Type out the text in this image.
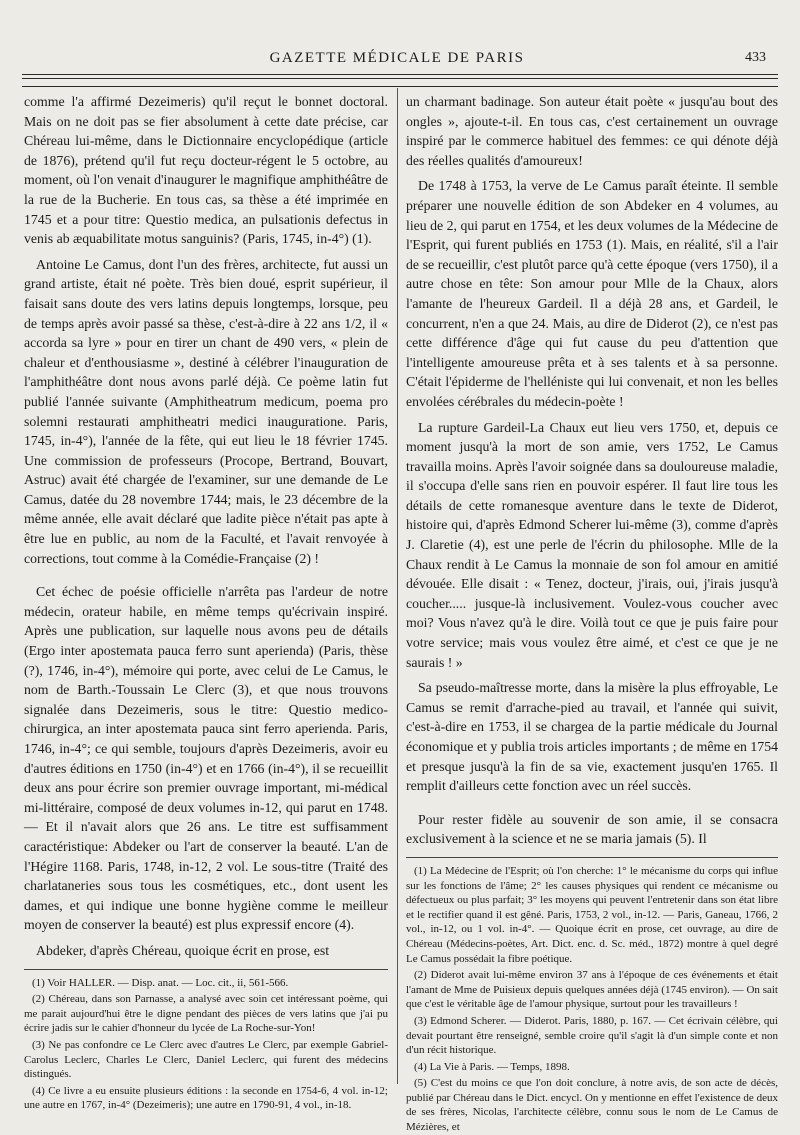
GAZETTE MÉDICALE DE PARIS	433

comme l'a affirmé Dezeimeris) qu'il reçut le bonnet doctoral. Mais on ne doit pas se fier absolument à cette date précise, car Chéreau lui-même, dans le Dictionnaire encyclopédique (article de 1876), prétend qu'il fut reçu docteur-régent le 5 octobre, au moment, où l'on venait d'inaugurer le magnifique amphithéâtre de la rue de la Bucherie. En tous cas, sa thèse a été imprimée en 1745 et a pour titre: Questio medica, an pulsationis defectus in venis ab æquabilitate motus sanguinis? (Paris, 1745, in-4°) (1).

Antoine Le Camus, dont l'un des frères, architecte, fut aussi un grand artiste, était né poète. Très bien doué, esprit supérieur, il faisait sans doute des vers latins depuis longtemps, lorsque, peu de temps après avoir passé sa thèse, c'est-à-dire à 22 ans 1/2, il « accorda sa lyre » pour en tirer un chant de 490 vers, « plein de chaleur et d'enthousiasme », destiné à célébrer l'inauguration de l'amphithéâtre dont nous avons parlé déjà. Ce poème latin fut publié l'année suivante (Amphitheatrum medicum, poema pro solemni restaurati amphitheatri medici inauguratione. Paris, 1745, in-4°), l'année de la fête, qui eut lieu le 18 février 1745. Une commission de professeurs (Procope, Bertrand, Bouvart, Astruc) avait été chargée de l'examiner, sur une demande de Le Camus, datée du 28 novembre 1744; mais, le 23 décembre de la même année, elle avait déclaré que ladite pièce n'était pas apte à être lue en public, au nom de la Faculté, et l'avait renvoyée à corrections, tout comme à la Comédie-Française (2) !

Cet échec de poésie officielle n'arrêta pas l'ardeur de notre médecin, orateur habile, en même temps qu'écrivain inspiré. Après une publication, sur laquelle nous avons peu de détails (Ergo inter apostemata pauca ferro sunt aperienda) (Paris, thèse (?), 1746, in-4°), mémoire qui porte, avec celui de Le Camus, le nom de Barth.-Toussain Le Clerc (3), et que nous trouvons signalée dans Dezeimeris, sous le titre: Questio medico-chirurgica, an inter apostemata pauca sint ferro aperienda. Paris, 1746, in-4°; ce qui semble, toujours d'après Dezeimeris, avoir eu d'autres éditions en 1750 (in-4°) et en 1766 (in-4°), il se recueillit deux ans pour écrire son premier ouvrage important, mi-médical mi-littéraire, composé de deux volumes in-12, qui parut en 1748. — Et il n'avait alors que 26 ans. Le titre est suffisamment caractéristique: Abdeker ou l'art de conserver la beauté. L'an de l'Hégire 1168. Paris, 1748, in-12, 2 vol. Le sous-titre (Traité des charlataneries sous tous les cosmétiques, etc., dont usent les dames, et qui indique une bonne hygiène comme le meilleur moyen de conserver la beauté) est plus expressif encore (4).

Abdeker, d'après Chéreau, quoique écrit en prose, est

(1) Voir HALLER. — Disp. anat. — Loc. cit., ii, 561-566.

(2) Chéreau, dans son Parnasse, a analysé avec soin cet intéressant poème, qui me parait aujourd'hui être le digne pendant des pièces de vers latins que j'ai pu écrire jadis sur le cahier d'honneur du lycée de La Roche-sur-Yon!

(3) Ne pas confondre ce Le Clerc avec d'autres Le Clerc, par exemple Gabriel-Carolus Leclerc, Charles Le Clerc, Daniel Leclerc, qui furent des médecins distingués.

(4) Ce livre a eu ensuite plusieurs éditions : la seconde en 1754-6, 4 vol. in-12; une autre en 1767, in-4° (Dezeimeris); une autre en 1790-91, 4 vol., in-18.

un charmant badinage. Son auteur était poète « jusqu'au bout des ongles », ajoute-t-il. En tous cas, c'est certainement un ouvrage inspiré par le commerce habituel des femmes: ce qui dénote déjà des réelles qualités d'amoureux!

De 1748 à 1753, la verve de Le Camus paraît éteinte. Il semble préparer une nouvelle édition de son Abdeker en 4 volumes, au lieu de 2, qui parut en 1754, et les deux volumes de la Médecine de l'Esprit, qui furent publiés en 1753 (1). Mais, en réalité, s'il a l'air de se recueillir, c'est plutôt parce qu'à cette époque (vers 1750), il a autre chose en tête: Son amour pour Mlle de la Chaux, alors l'amante de l'heureux Gardeil. Il a déjà 28 ans, et Gardeil, le concurrent, n'en a que 24. Mais, au dire de Diderot (2), ce n'est pas cette différence d'âge qui fut cause du peu d'attention que l'intelligente amoureuse prêta et à ses talents et à sa personne. C'était l'épiderme de l'helléniste qui lui convenait, et non les belles envolées cérébrales du médecin-poète !

La rupture Gardeil-La Chaux eut lieu vers 1750, et, depuis ce moment jusqu'à la mort de son amie, vers 1752, Le Camus travailla moins. Après l'avoir soignée dans sa douloureuse maladie, il s'occupa d'elle sans rien en pouvoir espérer. Il faut lire tous les détails de cette romanesque aventure dans le texte de Diderot, histoire qui, d'après Edmond Scherer lui-même (3), comme d'après J. Claretie (4), est une perle de l'écrin du philosophe. Mlle de la Chaux rendit à Le Camus la monnaie de son fol amour en amitié dévouée. Elle disait : « Tenez, docteur, j'irais, oui, j'irais jusqu'à coucher..... jusque-là inclusivement. Voulez-vous coucher avec moi? Vous n'avez qu'à le dire. Voilà tout ce que je puis faire pour votre service; mais vous voulez être aimé, et c'est ce que je ne saurais ! »

Sa pseudo-maîtresse morte, dans la misère la plus effroyable, Le Camus se remit d'arrache-pied au travail, et l'année qui suivit, c'est-à-dire en 1753, il se chargea de la partie médicale du Journal économique et y publia trois articles importants ; de même en 1754 et presque jusqu'à la fin de sa vie, exactement jusqu'en 1765. Il remplit d'ailleurs cette fonction avec un réel succès.

Pour rester fidèle au souvenir de son amie, il se consacra exclusivement à la science et ne se maria jamais (5). Il

(1) La Médecine de l'Esprit; où l'on cherche: 1° le mécanisme du corps qui influe sur les fonctions de l'âme; 2° les causes physiques qui rendent ce mécanisme ou défectueux ou plus parfait; 3° les moyens qui peuvent l'entretenir dans son état libre et le rectifier quand il est gêné. Paris, 1753, 2 vol., in-12. — Paris, Ganeau, 1766, 2 vol., in-12, ou 1 vol. in-4°. — Quoique écrit en prose, cet ouvrage, au dire de Chéreau (Médecins-poètes, Art. Dict. enc. d. Sc. méd., 1872) montre à quel degré Le Camus possédait la fibre poétique.

(2) Diderot avait lui-même environ 37 ans à l'époque de ces événements et était l'amant de Mme de Puisieux depuis quelques années déjà (1745 environ). — On sait que c'est le véritable âge de l'amour physique, surtout pour les travailleurs !

(3) Edmond Scherer. — Diderot. Paris, 1880, p. 167. — Cet écrivain célèbre, qui devait pourtant être renseigné, semble croire qu'il s'agit là d'un simple conte et non d'un récit historique.

(4) La Vie à Paris. — Temps, 1898.

(5) C'est du moins ce que l'on doit conclure, à notre avis, de son acte de décès, publié par Chéreau dans le Dict. encycl. On y mentionne en effet l'existence de deux de ses frères, Nicolas, l'architecte célèbre, connu sous le nom de Le Camus de Mézières, et
